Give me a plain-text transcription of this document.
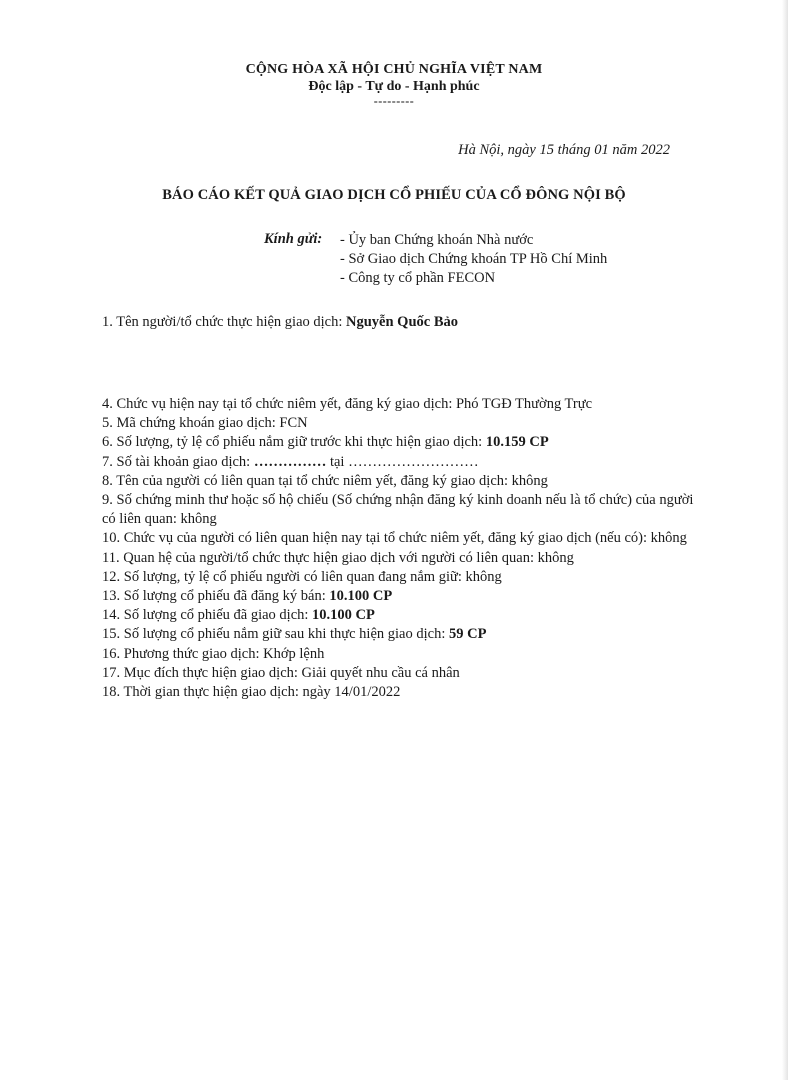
CỘNG HÒA XÃ HỘI CHỦ NGHĨA VIỆT NAM
Độc lập - Tự do - Hạnh phúc
---------
Hà Nội, ngày 15 tháng 01 năm 2022
BÁO CÁO KẾT QUẢ GIAO DỊCH CỔ PHIẾU CỦA CỔ ĐÔNG NỘI BỘ
Kính gửi: - Ủy ban Chứng khoán Nhà nước
- Sở Giao dịch Chứng khoán TP Hồ Chí Minh
- Công ty cổ phần FECON
1. Tên người/tổ chức thực hiện giao dịch: Nguyễn Quốc Bảo
4. Chức vụ hiện nay tại tổ chức niêm yết, đăng ký giao dịch: Phó TGĐ Thường Trực
5. Mã chứng khoán giao dịch: FCN
6. Số lượng, tỷ lệ cổ phiếu nắm giữ trước khi thực hiện giao dịch: 10.159 CP
7. Số tài khoản giao dịch: …………… tại ………………………
8. Tên của người có liên quan tại tổ chức niêm yết, đăng ký giao dịch: không
9. Số chứng minh thư hoặc số hộ chiếu (Số chứng nhận đăng ký kinh doanh nếu là tổ chức) của người có liên quan: không
10. Chức vụ của người có liên quan hiện nay tại tổ chức niêm yết, đăng ký giao dịch (nếu có): không
11. Quan hệ của người/tổ chức thực hiện giao dịch với người có liên quan: không
12. Số lượng, tỷ lệ cổ phiếu người có liên quan đang nắm giữ: không
13. Số lượng cổ phiếu đã đăng ký bán: 10.100 CP
14. Số lượng cổ phiếu đã giao dịch: 10.100 CP
15. Số lượng cổ phiếu nắm giữ sau khi thực hiện giao dịch: 59 CP
16. Phương thức giao dịch: Khớp lệnh
17. Mục đích thực hiện giao dịch: Giải quyết nhu cầu cá nhân
18. Thời gian thực hiện giao dịch: ngày 14/01/2022
